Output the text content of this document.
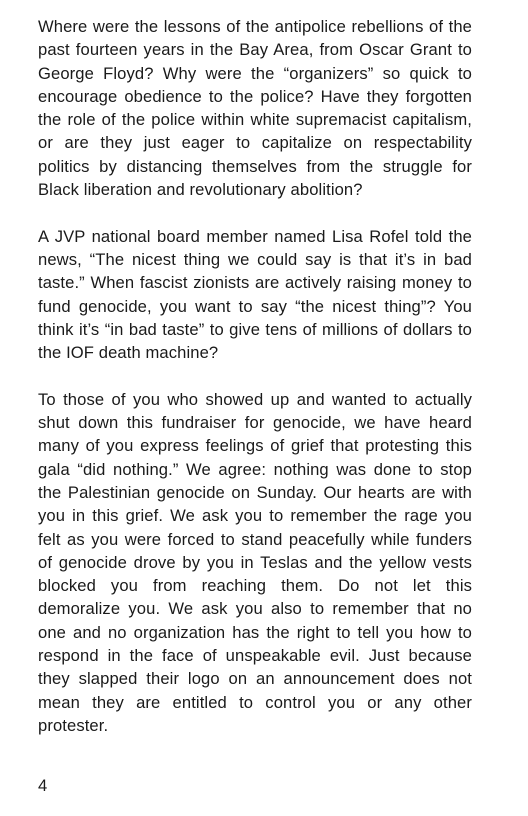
Where were the lessons of the antipolice rebellions of the past fourteen years in the Bay Area, from Oscar Grant to George Floyd? Why were the “organizers” so quick to encourage obedience to the police? Have they forgotten the role of the police within white supremacist capitalism, or are they just eager to capitalize on respectability politics by distancing themselves from the struggle for Black liberation and revolutionary abolition?

A JVP national board member named Lisa Rofel told the news, “The nicest thing we could say is that it’s in bad taste.” When fascist zionists are actively raising money to fund genocide, you want to say “the nicest thing”? You think it’s “in bad taste” to give tens of millions of dollars to the IOF death machine?

To those of you who showed up and wanted to actually shut down this fundraiser for genocide, we have heard many of you express feelings of grief that protesting this gala “did nothing.” We agree: nothing was done to stop the Palestinian genocide on Sunday. Our hearts are with you in this grief. We ask you to remember the rage you felt as you were forced to stand peacefully while funders of genocide drove by you in Teslas and the yellow vests blocked you from reaching them. Do not let this demoralize you. We ask you also to remember that no one and no organization has the right to tell you how to respond in the face of unspeakable evil. Just because they slapped their logo on an announcement does not mean they are entitled to control you or any other protester.

4
